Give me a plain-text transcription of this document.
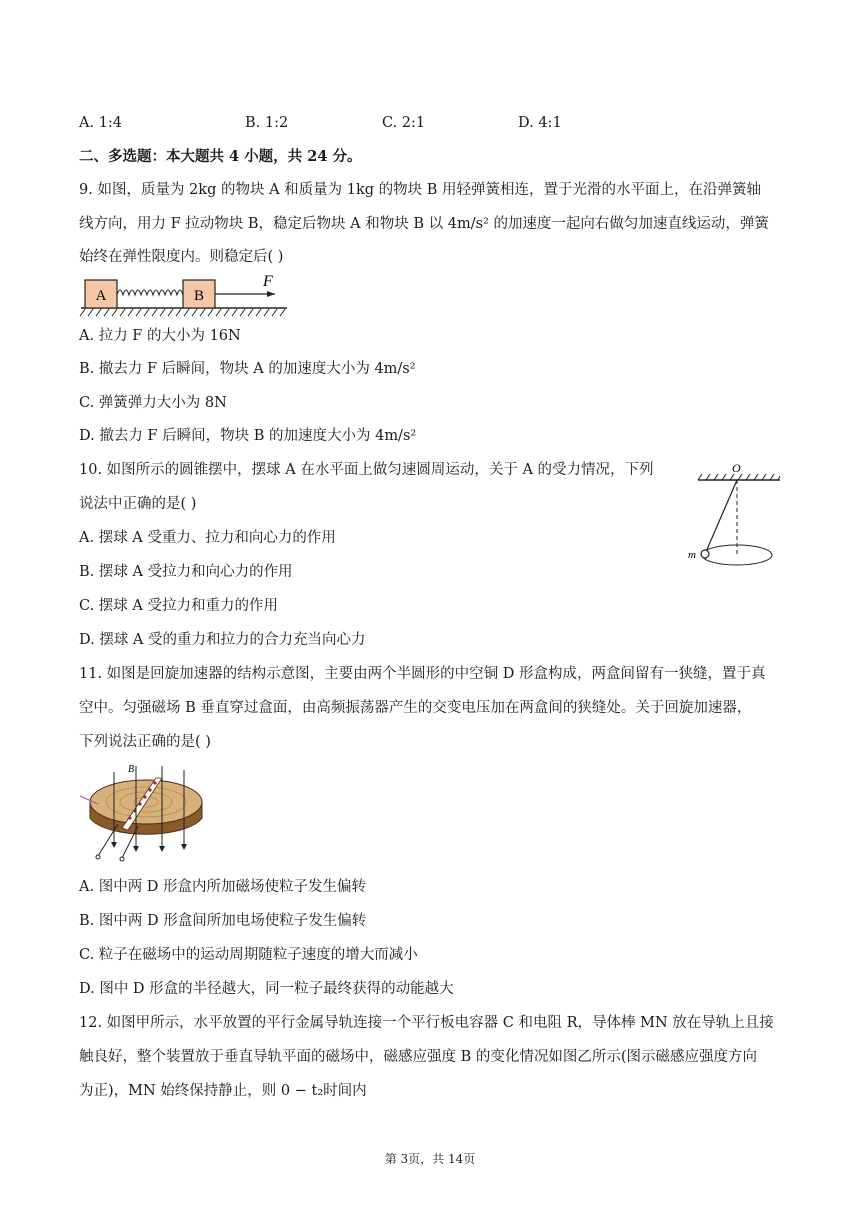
A. 1:4	B. 1:2	C. 2:1	D. 4:1
二、多选题：本大题共 4 小题，共 24 分。
9. 如图，质量为 2kg 的物块 A 和质量为 1kg 的物块 B 用轻弹簧相连，置于光滑的水平面上，在沿弹簧轴
线方向，用力 F 拉动物块 B，稳定后物块 A 和物块 B 以 4m/s² 的加速度一起向右做匀加速直线运动，弹簧
始终在弹性限度内。则稳定后( )
A	B
F
A. 拉力 F 的大小为 16N
B. 撤去力 F 后瞬间，物块 A 的加速度大小为 4m/s²
C. 弹簧弹力大小为 8N
D. 撤去力 F 后瞬间，物块 B 的加速度大小为 4m/s²
10. 如图所示的圆锥摆中，摆球 A 在水平面上做匀速圆周运动，关于 A 的受力情况，下列
说法中正确的是( )
O
m
A. 摆球 A 受重力、拉力和向心力的作用
B. 摆球 A 受拉力和向心力的作用
C. 摆球 A 受拉力和重力的作用
D. 摆球 A 受的重力和拉力的合力充当向心力
11. 如图是回旋加速器的结构示意图，主要由两个半圆形的中空铜 D 形盒构成，两盒间留有一狭缝，置于真
空中。匀强磁场 B 垂直穿过盒面，由高频振荡器产生的交变电压加在两盒间的狭缝处。关于回旋加速器，
下列说法正确的是( )
B
A. 图中两 D 形盒内所加磁场使粒子发生偏转
B. 图中两 D 形盒间所加电场使粒子发生偏转
C. 粒子在磁场中的运动周期随粒子速度的增大而减小
D. 图中 D 形盒的半径越大，同一粒子最终获得的动能越大
12. 如图甲所示，水平放置的平行金属导轨连接一个平行板电容器 C 和电阻 R，导体棒 MN 放在导轨上且接
触良好，整个装置放于垂直导轨平面的磁场中，磁感应强度 B 的变化情况如图乙所示(图示磁感应强度方向
为正)，MN 始终保持静止，则 0 − t₂时间内
第 3页，共 14页
